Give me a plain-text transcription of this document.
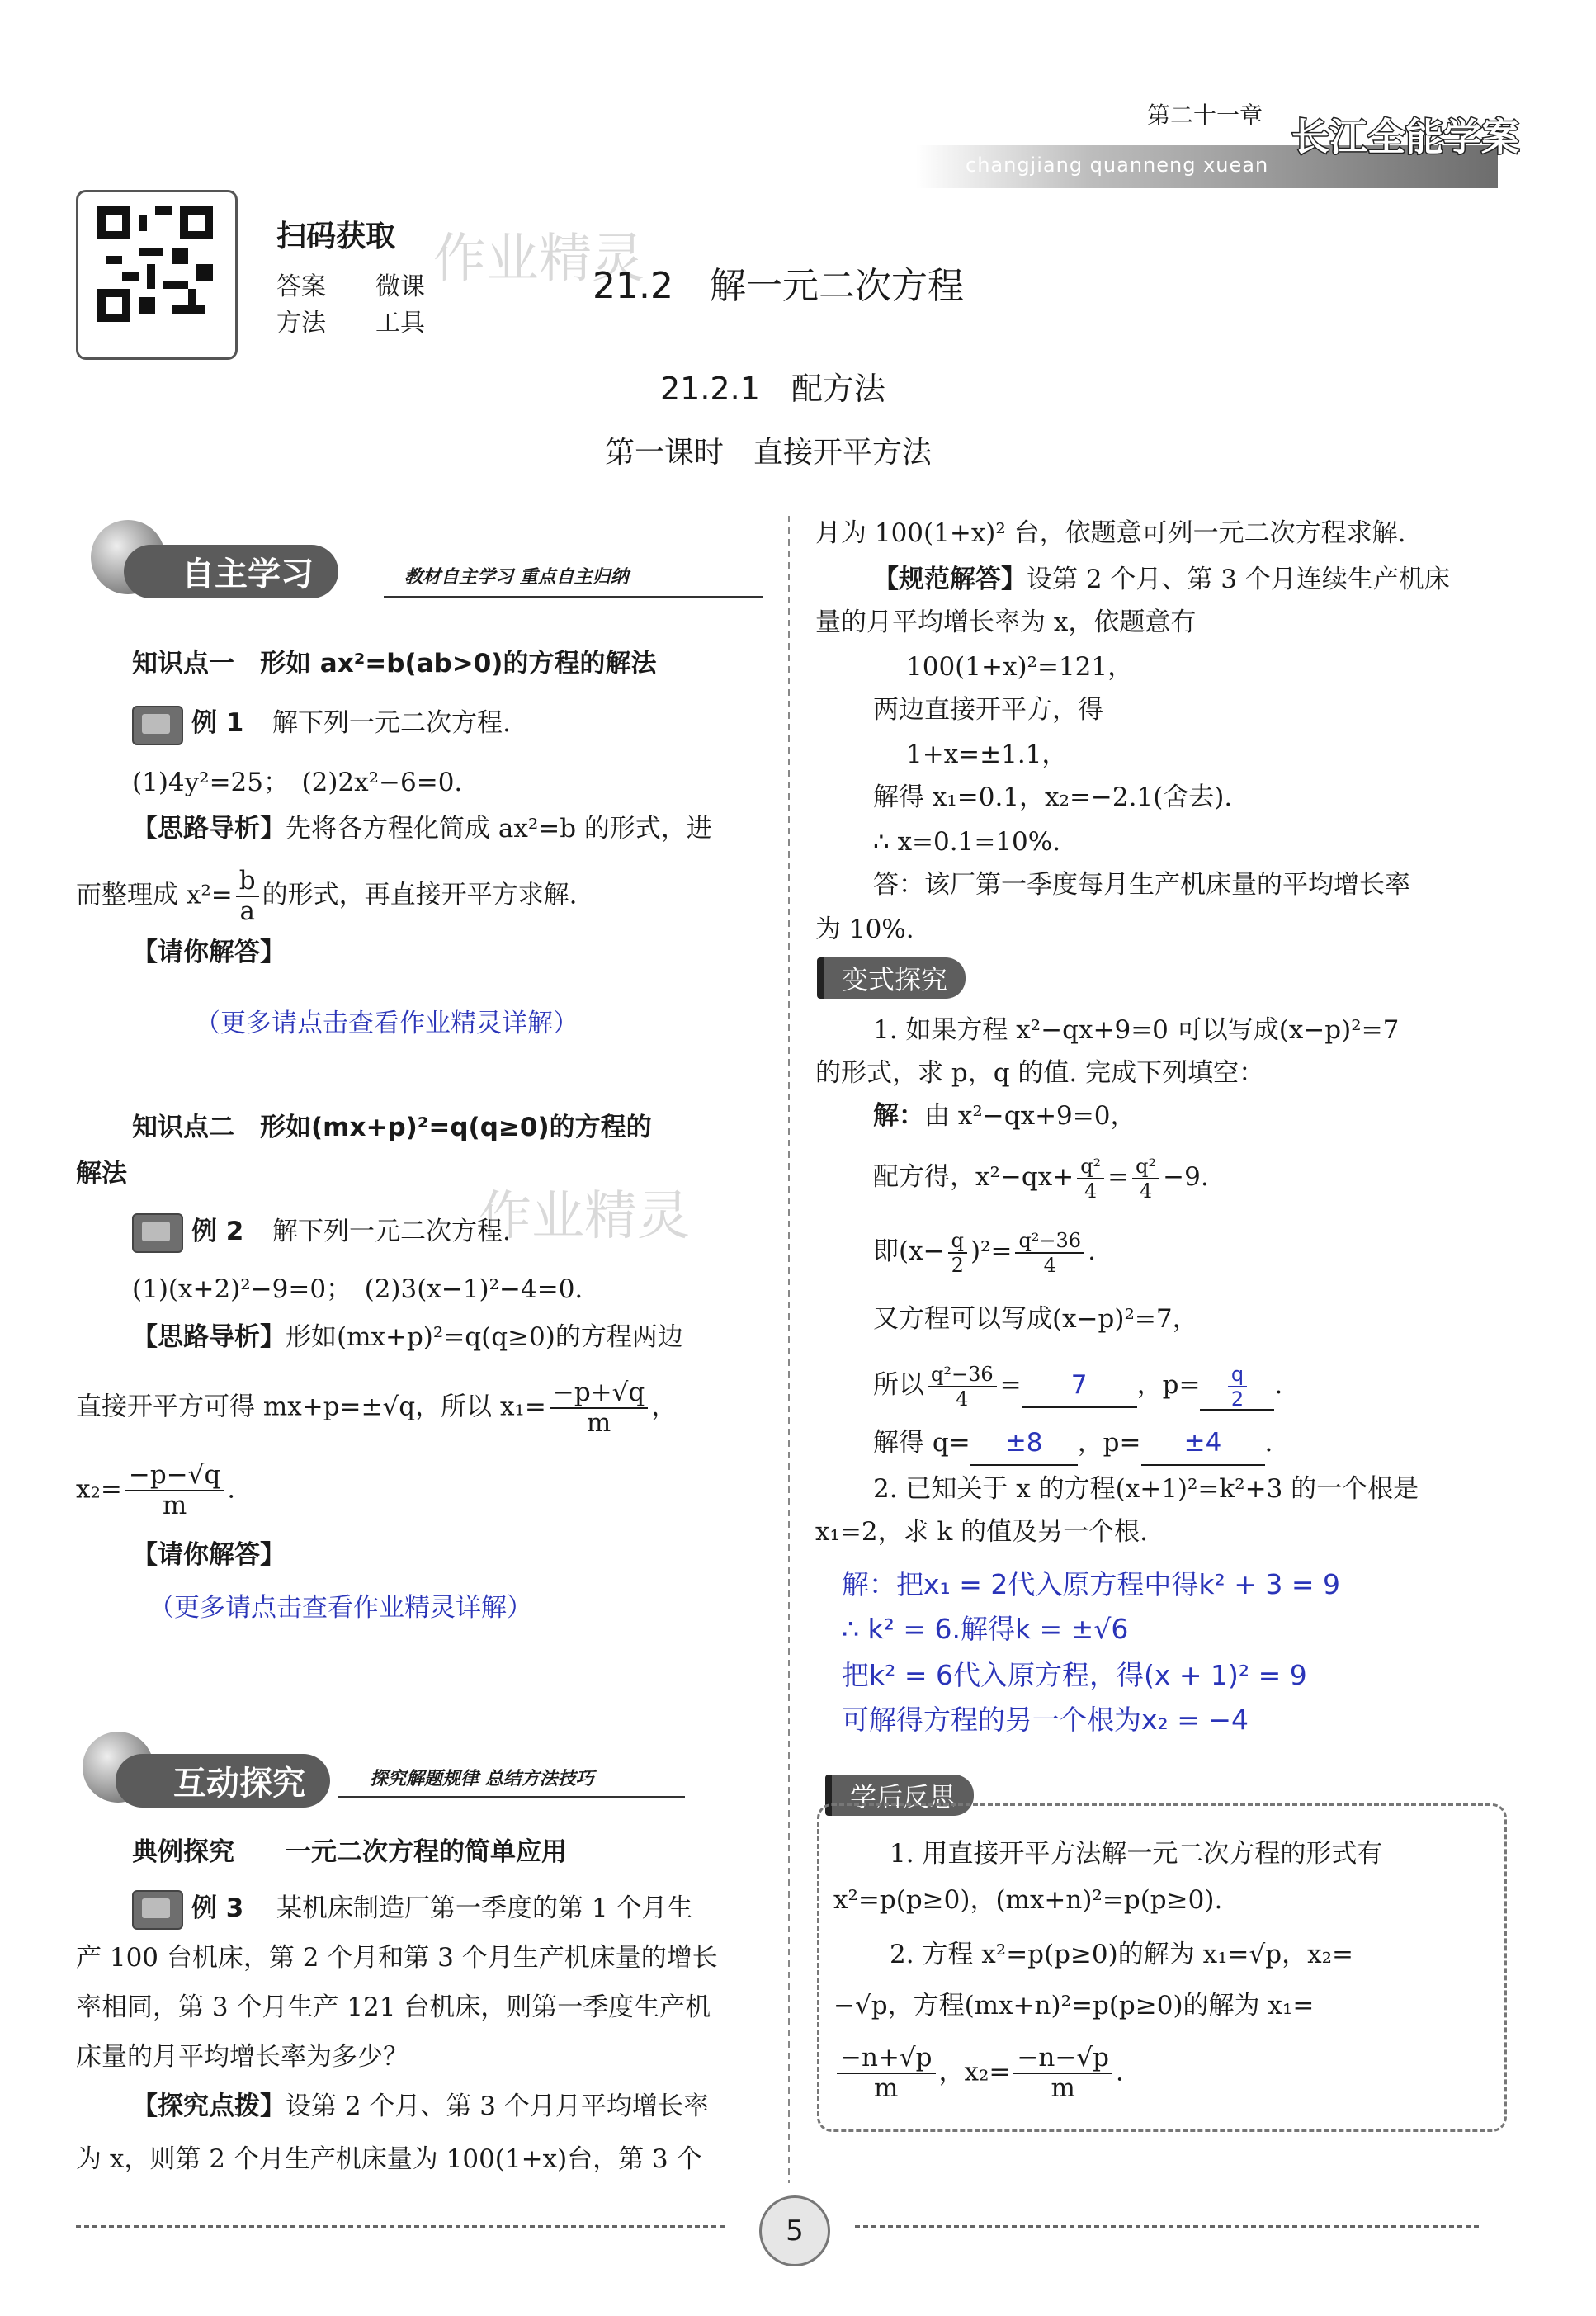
第二十一章
changjiang quanneng xuean
长江全能学案
扫码获取
答案 微课
方法 工具
作业精灵
作业精灵
21.2　解一元二次方程
21.2.1　配方法
第一课时　直接开平方法
自主学习	教材自主学习 重点自主归纳
知识点一　形如 ax²=b(ab>0)的方程的解法
例 1 解下列一元二次方程.
(1)4y²=25；　(2)2x²−6=0.
【思路导析】先将各方程化简成 ax²=b 的形式，进
而整理成 $x^2= \frac{b}{a}$ 的形式，再直接开平方求解.
【请你解答】
（更多请点击查看作业精灵详解）
知识点二　形如(mx+p)²=q(q≥0)的方程的
解法
例 2 解下列一元二次方程.
(1)(x+2)²−9=0；　(2)3(x−1)²−4=0.
【思路导析】形如(mx+p)²=q(q≥0)的方程两边
直接开平方可得 mx+p=±√q，所以 $x_1= \frac{-p+√q}{m}$ ，
$x_2= \frac{-p-√q}{m}$ .
【请你解答】
（更多请点击查看作业精灵详解）
互动探究	探究解题规律 总结方法技巧
典例探究　　一元二次方程的简单应用
例 3 某机床制造厂第一季度的第 1 个月生
产 100 台机床，第 2 个月和第 3 个月生产机床量的增长
率相同，第 3 个月生产 121 台机床，则第一季度生产机
床量的月平均增长率为多少？
【探究点拨】设第 2 个月、第 3 个月月平均增长率
为 x，则第 2 个月生产机床量为 100(1+x)台，第 3 个
月为 100(1+x)² 台，依题意可列一元二次方程求解.
【规范解答】设第 2 个月、第 3 个月连续生产机床
量的月平均增长率为 x，依题意有
100(1+x)²=121，
两边直接开平方，得
1+x=±1.1，
解得 x₁=0.1，x₂=−2.1(舍去).
∴ x=0.1=10%.
答：该厂第一季度每月生产机床量的平均增长率
为 10%.
变式探究
1. 如果方程 x²−qx+9=0 可以写成(x−p)²=7
的形式，求 p，q 的值. 完成下列填空：
解：由 x²−qx+9=0，
配方得，$x^2-qx+ \frac{\text{q²}}{4} = \frac{\text{q²}}{4} -9$.
即$(x- \frac{q}{2} )^2= \frac{\text{q²−36}}{4}$ .
又方程可以写成(x−p)²=7，
所以 $\frac{\text{q²−36}}{4} = 7$ ，$p= \frac{q}{2}$ .
解得 q= ±8 ，p= ±4 .
2. 已知关于 x 的方程(x+1)²=k²+3 的一个根是
x₁=2，求 k 的值及另一个根.
解：把x₁ = 2代入原方程中得k² + 3 = 9
∴ k² = 6.解得k = ±√6
把k² = 6代入原方程，得(x + 1)² = 9
可解得方程的另一个根为x₂ = −4
学后反思
1. 用直接开平方法解一元二次方程的形式有
x²=p(p≥0)，(mx+n)²=p(p≥0).
2. 方程 x²=p(p≥0)的解为 x₁=√p，x₂=
−√p，方程(mx+n)²=p(p≥0)的解为 x₁=
$\frac{-n+√p}{m}$ ，$x_2= \frac{-n-√p}{m}$ .
5
